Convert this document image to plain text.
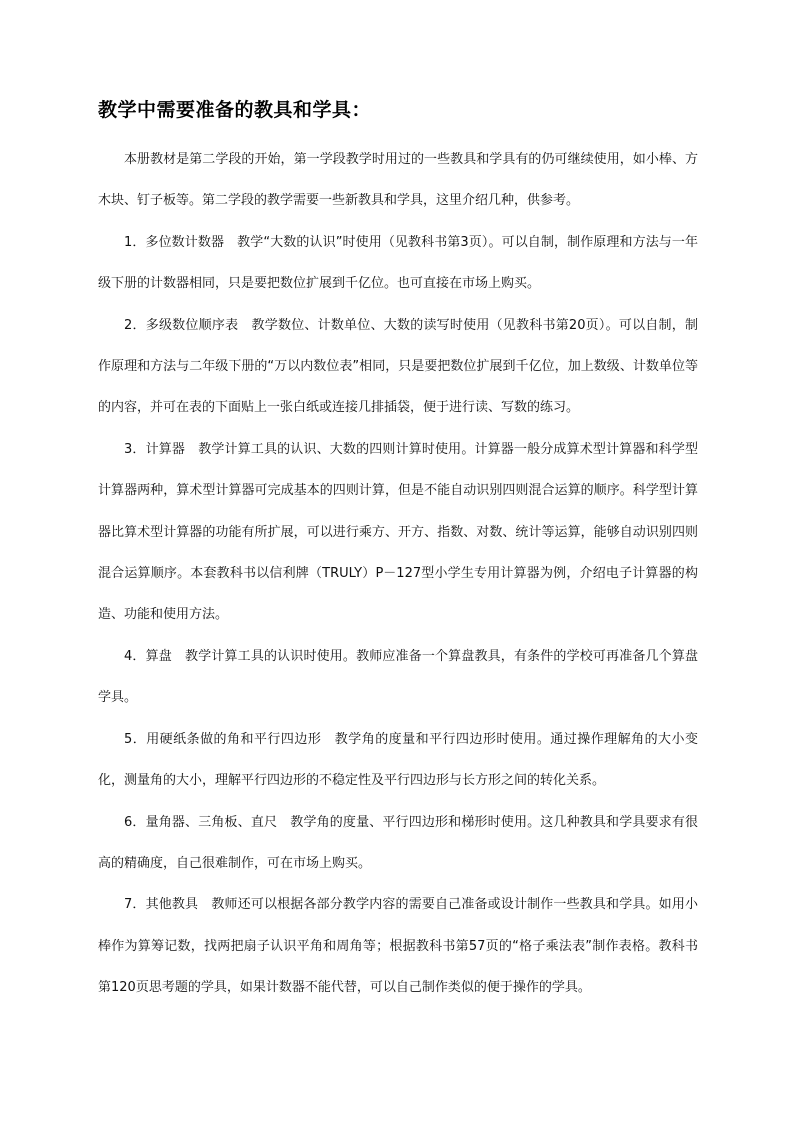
教学中需要准备的教具和学具：

本册教材是第二学段的开始，第一学段教学时用过的一些教具和学具有的仍可继续使用，如小棒、方木块、钉子板等。第二学段的教学需要一些新教具和学具，这里介绍几种，供参考。

1．多位数计数器　教学“大数的认识”时使用（见教科书第3页）。可以自制，制作原理和方法与一年级下册的计数器相同，只是要把数位扩展到千亿位。也可直接在市场上购买。

2．多级数位顺序表　教学数位、计数单位、大数的读写时使用（见教科书第20页）。可以自制，制作原理和方法与二年级下册的“万以内数位表”相同，只是要把数位扩展到千亿位，加上数级、计数单位等的内容，并可在表的下面贴上一张白纸或连接几排插袋，便于进行读、写数的练习。

3．计算器　教学计算工具的认识、大数的四则计算时使用。计算器一般分成算术型计算器和科学型计算器两种，算术型计算器可完成基本的四则计算，但是不能自动识别四则混合运算的顺序。科学型计算器比算术型计算器的功能有所扩展，可以进行乘方、开方、指数、对数、统计等运算，能够自动识别四则混合运算顺序。本套教科书以信利牌（TRULY）P－127型小学生专用计算器为例，介绍电子计算器的构造、功能和使用方法。

4．算盘　教学计算工具的认识时使用。教师应准备一个算盘教具，有条件的学校可再准备几个算盘学具。

5．用硬纸条做的角和平行四边形　教学角的度量和平行四边形时使用。通过操作理解角的大小变化，测量角的大小，理解平行四边形的不稳定性及平行四边形与长方形之间的转化关系。

6．量角器、三角板、直尺　教学角的度量、平行四边形和梯形时使用。这几种教具和学具要求有很高的精确度，自己很难制作，可在市场上购买。

7．其他教具　教师还可以根据各部分教学内容的需要自己准备或设计制作一些教具和学具。如用小棒作为算筹记数，找两把扇子认识平角和周角等；根据教科书第57页的“格子乘法表”制作表格。教科书第120页思考题的学具，如果计数器不能代替，可以自己制作类似的便于操作的学具。
